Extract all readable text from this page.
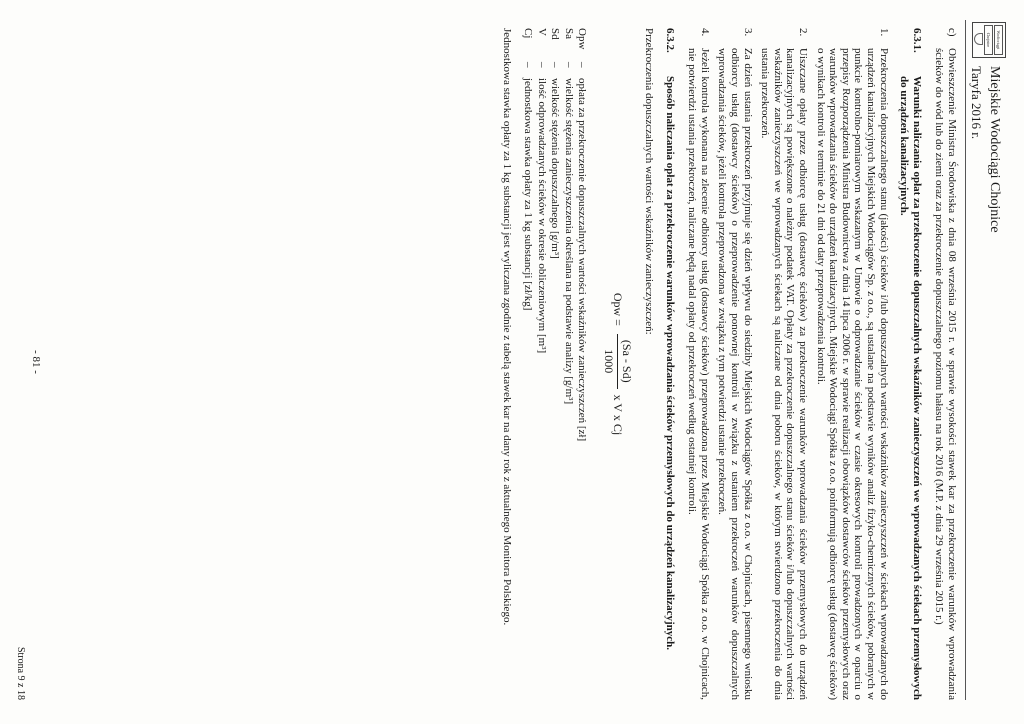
Wodociągi
Chojnice
Miejskie Wodociągi Chojnice
Taryfa 2016 r.
c)
Obwieszczenie Ministra Środowiska z dnia 08 września 2015 r. w sprawie wysokości stawek kar za przekroczenie warunków wprowadzania ścieków do wód lub do ziemi oraz za przekroczenie dopuszczalnego poziomu hałasu na rok 2016 (M.P. z dnia 29 września 2015 r.)
6.3.1.
Warunki naliczania opłat za przekroczenie dopuszczalnych wskaźników zanieczyszczeń we wprowadzanych ściekach przemysłowych do urządzeń kanalizacyjnych.
1.
Przekroczenia dopuszczalnego stanu (jakości) ścieków i/lub dopuszczalnych wartości wskaźników zanieczyszczeń w ściekach wprowadzanych do urządzeń kanalizacyjnych Miejskich Wodociągów Sp. z o.o., są ustalane na podstawie wyników analiz fizyko-chemicznych ścieków, pobranych w punkcie kontrolno-pomiarowym wskazanym w Umowie o odprowadzanie ścieków w czasie okresowych kontroli prowadzonych w oparciu o przepisy Rozporządzenia Ministra Budownictwa z dnia 14 lipca 2006 r. w sprawie realizacji obowiązków dostawców ścieków przemysłowych oraz warunków wprowadzania ścieków do urządzeń kanalizacyjnych. Miejskie Wodociągi Spółka z o.o. poinformują odbiorcę usług (dostawcę ścieków) o wynikach kontroli w terminie do 21 dni od daty przeprowadzenia kontroli.
2.
Uiszczane opłaty przez odbiorcę usług (dostawcę ścieków) za przekroczenie warunków wprowadzania ścieków przemysłowych do urządzeń kanalizacyjnych są powiększone o należny podatek VAT. Opłaty za przekroczenie dopuszczalnego stanu ścieków i/lub dopuszczalnych wartości wskaźników zanieczyszczeń we wprowadzanych ściekach są naliczane od dnia poboru ścieków, w którym stwierdzono przekroczenia do dnia ustania przekroczeń.
3.
Za dzień ustania przekroczeń przyjmuje się dzień wpływu do siedziby Miejskich Wodociągów Spółka z o.o. w Chojnicach, pisemnego wniosku odbiorcy usług (dostawcy ścieków) o przeprowadzenie ponownej kontroli w związku z ustaniem przekroczeń warunków dopuszczalnych wprowadzania ścieków, jeżeli kontrola przeprowadzona w związku z tym potwierdzi ustanie przekroczeń.
4.
Jeżeli kontrola wykonana na zlecenie odbiorcy usług (dostawcy ścieków) przeprowadzona przez Miejskie Wodociągi Spółka z o.o. w Chojnicach, nie potwierdzi ustania przekroczeń, naliczane będą nadal opłaty od przekroczeń według ostatniej kontroli.
6.3.2.
Sposób naliczania opłat za przekroczenie warunków wprowadzania ścieków przemysłowych do urządzeń kanalizacyjnych.

Przekroczenia dopuszczalnych wartości wskaźników zanieczyszczeń:

Opw =
(Sa - Sd)
1000
x V x Cj
Opw
–
opłata za przekroczenie dopuszczalnych wartości wskaźników zanieczyszczeń [zł]
Sa
–
wielkość stężenia zanieczyszczenia określana na podstawie analizy [g/m³]
Sd
–
wielkość stężenia dopuszczalnego [g/m³]
V
–
ilość odprowadzanych ścieków w okresie obliczeniowym [m³]
Cj
–
jednostkowa stawka opłaty za 1 kg substancji [zł/kg]

Jednostkowa stawka opłaty za 1 kg substancji jest wyliczana zgodnie z tabelą stawek kar na dany rok z aktualnego Monitora Polskiego.

- 81 -
Strona 9 z 18
